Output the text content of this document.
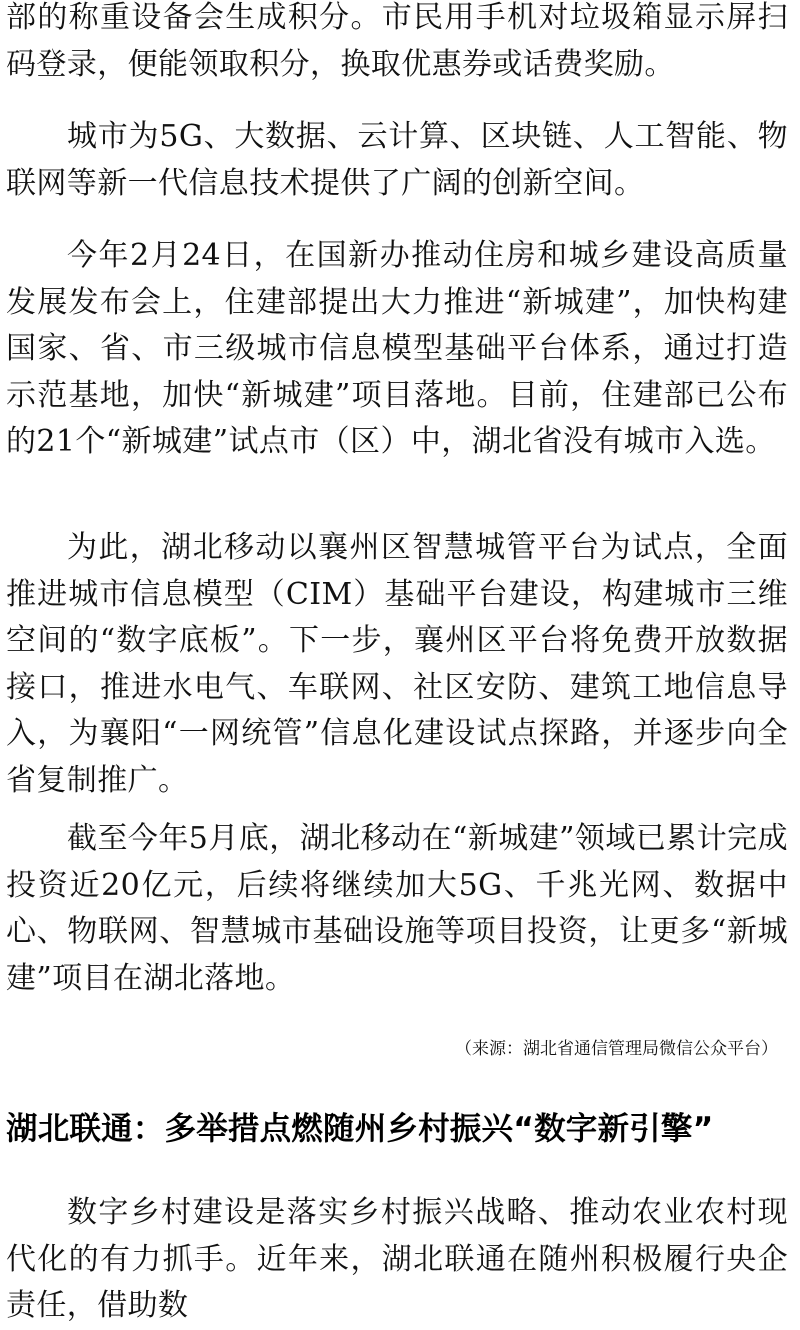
部的称重设备会生成积分。市民用手机对垃圾箱显示屏扫码登录，便能领取积分，换取优惠券或话费奖励。

城市为5G、大数据、云计算、区块链、人工智能、物联网等新一代信息技术提供了广阔的创新空间。

今年2月24日，在国新办推动住房和城乡建设高质量发展发布会上，住建部提出大力推进“新城建”，加快构建国家、省、市三级城市信息模型基础平台体系，通过打造示范基地，加快“新城建”项目落地。目前，住建部已公布的21个“新城建”试点市（区）中，湖北省没有城市入选。

为此，湖北移动以襄州区智慧城管平台为试点，全面推进城市信息模型（CIM）基础平台建设，构建城市三维空间的“数字底板”。下一步，襄州区平台将免费开放数据接口，推进水电气、车联网、社区安防、建筑工地信息导入，为襄阳“一网统管”信息化建设试点探路，并逐步向全省复制推广。

截至今年5月底，湖北移动在“新城建”领域已累计完成投资近20亿元，后续将继续加大5G、千兆光网、数据中心、物联网、智慧城市基础设施等项目投资，让更多“新城建”项目在湖北落地。

（来源：湖北省通信管理局微信公众平台）
湖北联通：多举措点燃随州乡村振兴“数字新引擎”

数字乡村建设是落实乡村振兴战略、推动农业农村现代化的有力抓手。近年来，湖北联通在随州积极履行央企责任，借助数
